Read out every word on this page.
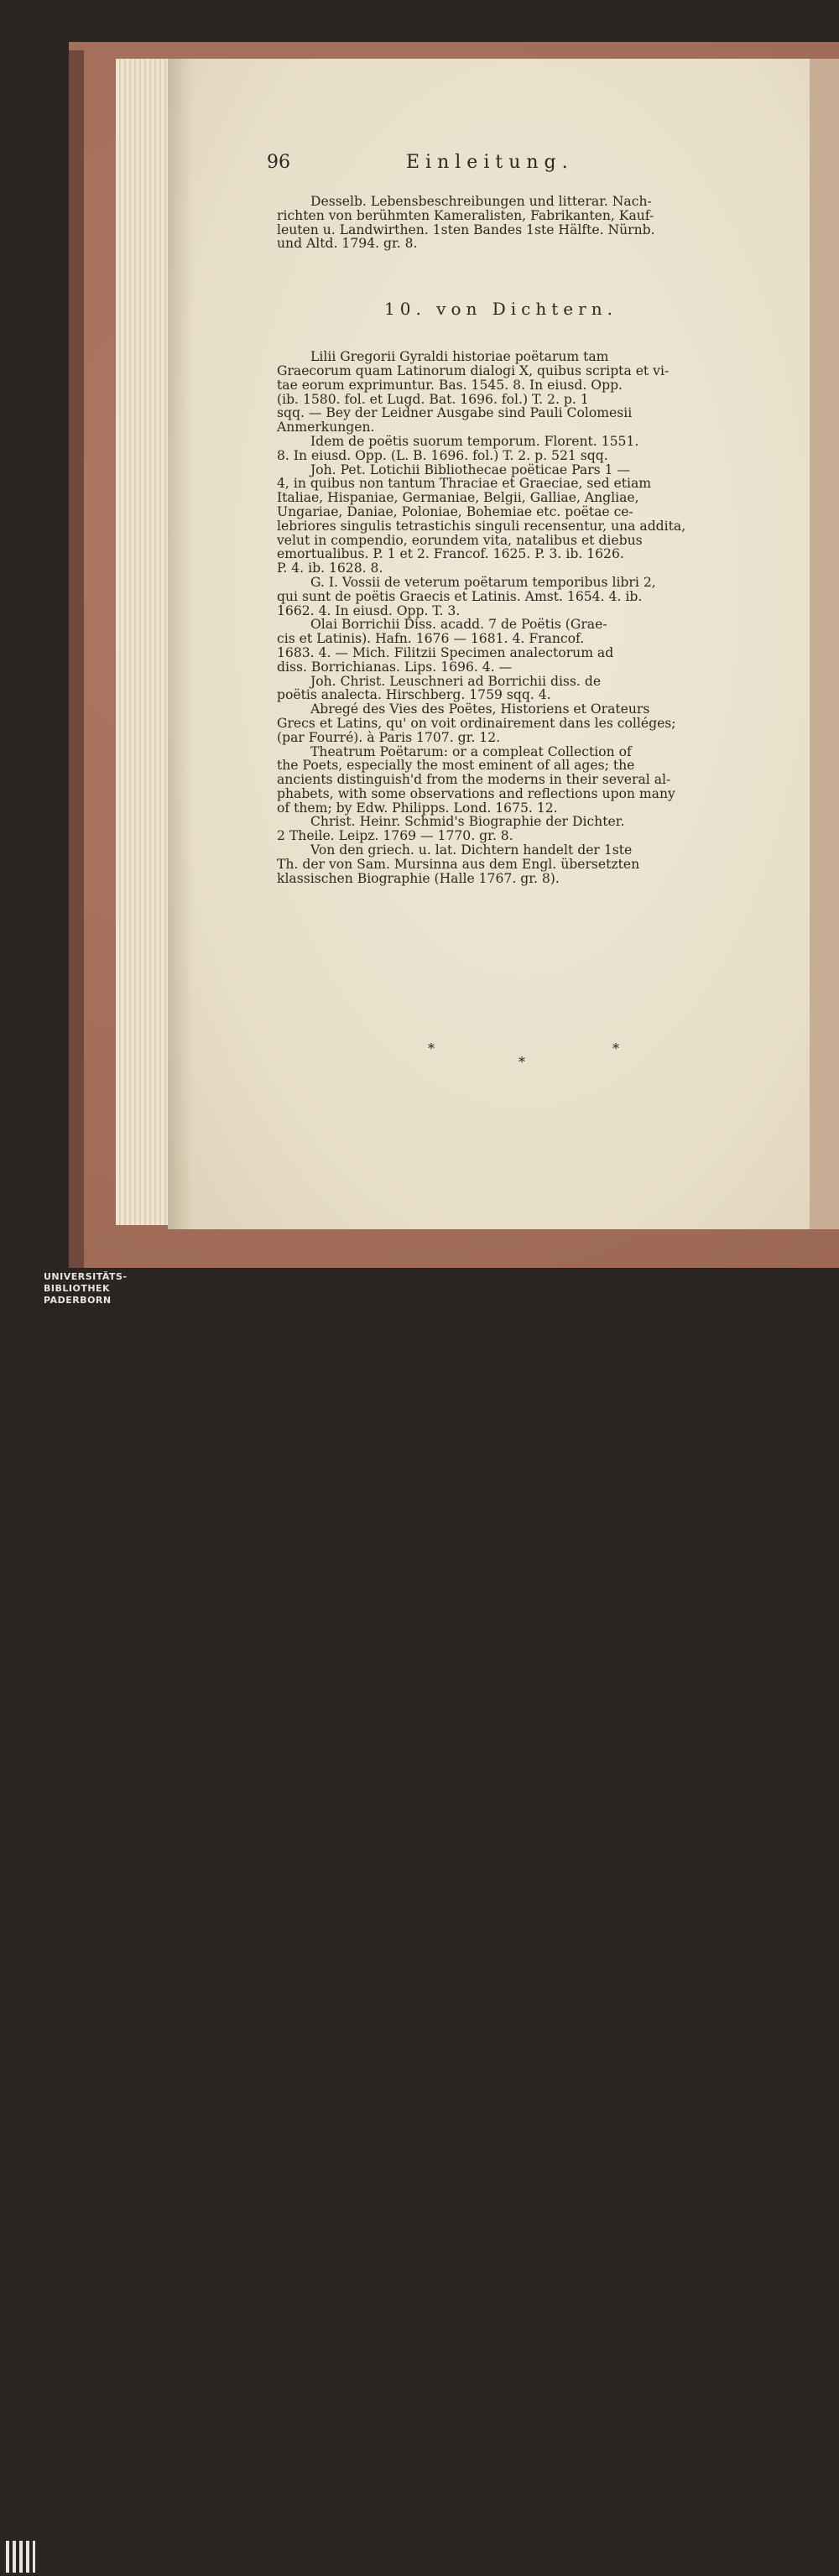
96	Einleitung.
Desselb. Lebensbeschreibungen und litterar. Nach-
richten von berühmten Kameralisten, Fabrikanten, Kauf-
leuten u. Landwirthen. 1sten Bandes 1ste Hälfte. Nürnb.
und Altd. 1794. gr. 8.
Lilii Gregorii Gyraldi historiae poëtarum tam
Graecorum quam Latinorum dialogi X, quibus scripta et vi-
tae eorum exprimuntur. Bas. 1545. 8. In eiusd. Opp.
(ib. 1580. fol. et Lugd. Bat. 1696. fol.) T. 2. p. 1
sqq. — Bey der Leidner Ausgabe sind Pauli Colomesii
Anmerkungen.
Idem de poëtis suorum temporum. Florent. 1551.
8. In eiusd. Opp. (L. B. 1696. fol.) T. 2. p. 521 sqq.
Joh. Pet. Lotichii Bibliothecae poëticae Pars 1 —
4, in quibus non tantum Thraciae et Graeciae, sed etiam
Italiae, Hispaniae, Germaniae, Belgii, Galliae, Angliae,
Ungariae, Daniae, Poloniae, Bohemiae etc. poëtae ce-
lebriores singulis tetrastichis singuli recensentur, una addita,
velut in compendio, eorundem vita, natalibus et diebus
emortualibus. P. 1 et 2. Francof. 1625. P. 3. ib. 1626.
P. 4. ib. 1628. 8.
G. I. Vossii de veterum poëtarum temporibus libri 2,
qui sunt de poëtis Graecis et Latinis. Amst. 1654. 4. ib.
1662. 4. In eiusd. Opp. T. 3.
Olai Borrichii Diss. acadd. 7 de Poëtis (Grae-
cis et Latinis). Hafn. 1676 — 1681. 4. Francof.
1683. 4. — Mich. Filitzii Specimen analectorum ad
diss. Borrichianas. Lips. 1696. 4. —
Joh. Christ. Leuschneri ad Borrichii diss. de
poëtis analecta. Hirschberg. 1759 sqq. 4.
Abregé des Vies des Poëtes, Historiens et Orateurs
Grecs et Latins, qu' on voit ordinairement dans les colléges;
(par Fourré). à Paris 1707. gr. 12.
Theatrum Poëtarum: or a compleat Collection of
the Poets, especially the most eminent of all ages; the
ancients distinguish'd from the moderns in their several al-
phabets, with some observations and reflections upon many
of them; by Edw. Philipps. Lond. 1675. 12.
Christ. Heinr. Schmid's Biographie der Dichter.
2 Theile. Leipz. 1769 — 1770. gr. 8.
Von den griech. u. lat. Dichtern handelt der 1ste
Th. der von Sam. Mursinna aus dem Engl. übersetzten
klassischen Biographie (Halle 1767. gr. 8).
10. von Dichtern.
*
*
*
UNIVERSITÄTS-
BIBLIOTHEK
PADERBORN
